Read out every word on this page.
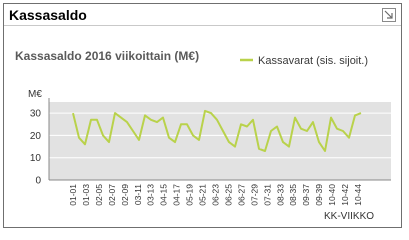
Kassasaldo
Kassasaldo 2016 viikoittain (M€)	Kassavarat (sis. sijoit.)
M€
0
10
20
30
01-01 01-03 02-05 02-07 02-09 03-11 03-13 04-15 04-17 05-19 05-21 06-23 06-25 06-27 07-29 07-31 08-33 08-35 09-37 09-39 10-40 10-42 10-44
KK-VIIKKO
